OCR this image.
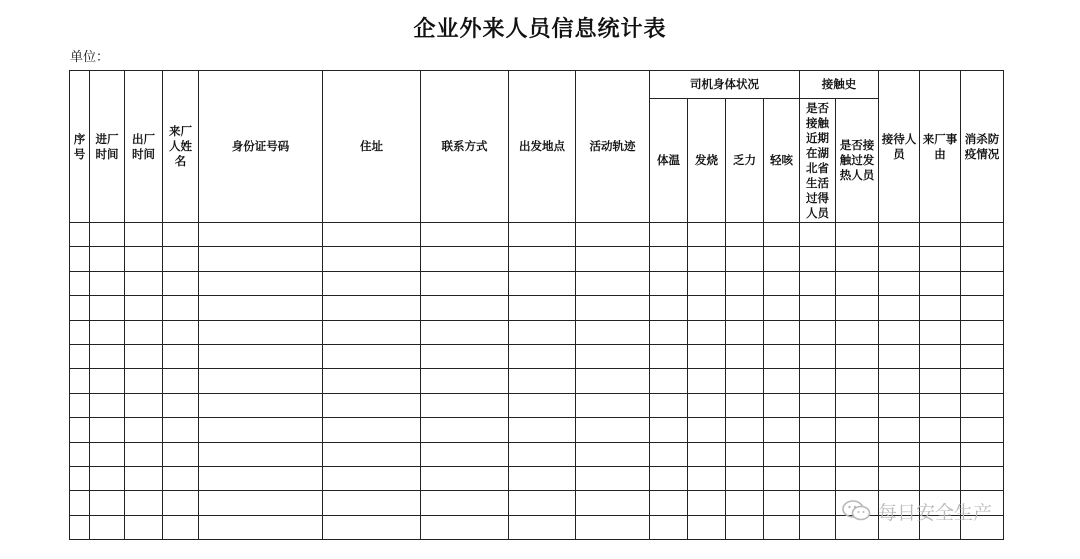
企业外来人员信息统计表
单位：
序号	进厂时间	出厂时间	来厂人姓名	身份证号码	住址	联系方式	出发地点	活动轨迹	司机身体状况				接触史		接待人员	来厂事由	消杀防疫情况
									体温	发烧	乏力	轻咳	是否接触近期在湖北省生活过得人员	是否接触过发热人员			

每日安全生产
